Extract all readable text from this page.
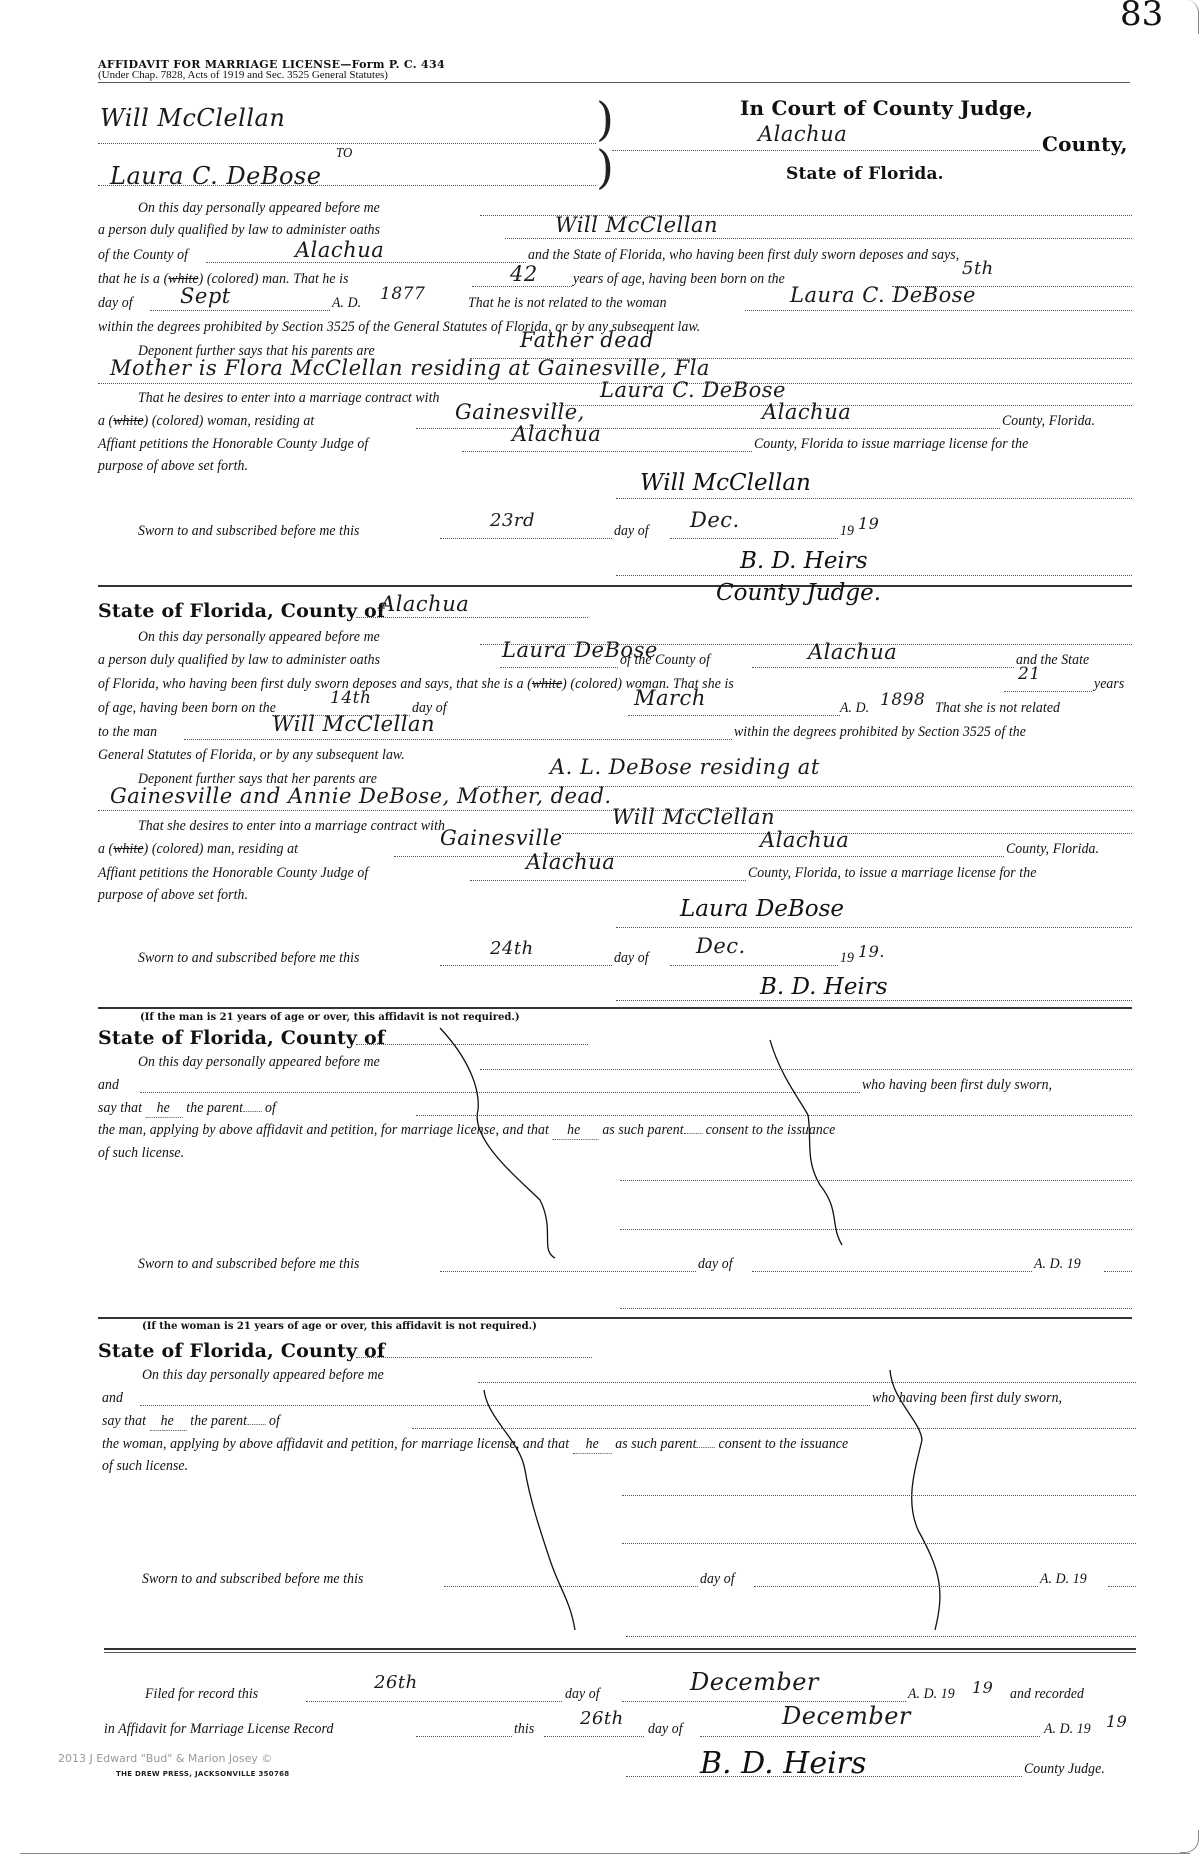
83
AFFIDAVIT FOR MARRIAGE LICENSE—Form P. C. 434
(Under Chap. 7828, Acts of 1919 and Sec. 3525 General Statutes)
Will McClellan
TO
Laura C. DeBose
)
)
In Court of County Judge,
Alachua	County,
State of Florida.
On this day personally appeared before me
a person duly qualified by law to administer oaths	Will McClellan
of the County of	Alachua	and the State of Florida, who having been first duly sworn deposes and says,
that he is a (white) (colored) man. That he is	42 years of age, having been born on the	5th
day of Sept	A. D. 1877	That he is not related to the woman	Laura C. DeBose
within the degrees prohibited by Section 3525 of the General Statutes of Florida, or by any subsequent law.
Deponent further says that his parents are	Father dead
Mother is Flora McClellan residing at Gainesville, Fla
That he desires to enter into a marriage contract with	Laura C. DeBose
a (white) (colored) woman, residing at	Gainesville,	Alachua	County, Florida.
Affiant petitions the Honorable County Judge of	Alachua	County, Florida to issue marriage license for the
purpose of above set forth.
Will McClellan
Sworn to and subscribed before me this	23rd	day of Dec.	19 19
B. D. Heirs
County Judge.
State of Florida, County of
Alachua
On this day personally appeared before me
a person duly qualified by law to administer oaths	Laura DeBose
of the County of	Alachua	and the State
of Florida, who having been first duly sworn deposes and says, that she is a (white) (colored) woman. That she is	21	years
of age, having been born on the	14th	day of	March	A. D. 1898 That she is not related
to the man	Will McClellan	within the degrees prohibited by Section 3525 of the
General Statutes of Florida, or by any subsequent law.
Deponent further says that her parents are	A. L. DeBose residing at
Gainesville and Annie DeBose, Mother, dead.
That she desires to enter into a marriage contract with	Will McClellan
a (white) (colored) man, residing at	Gainesville	Alachua	County, Florida.
Affiant petitions the Honorable County Judge of	Alachua	County, Florida, to issue a marriage license for the
purpose of above set forth.
Laura DeBose
Sworn to and subscribed before me this	24th	day of Dec.	19 19.
B. D. Heirs
(If the man is 21 years of age or over, this affidavit is not required.)
State of Florida, County of
On this day personally appeared before me
and	who having been first duly sworn,
say that he the parent of
the man, applying by above affidavit and petition, for marriage license, and that he as such parent consent to the issuance
of such license.
Sworn to and subscribed before me this	day of	A. D. 19
(If the woman is 21 years of age or over, this affidavit is not required.)
State of Florida, County of
On this day personally appeared before me
and	who having been first duly sworn,
say that he the parent of
the woman, applying by above affidavit and petition, for marriage license, and that he as such parent consent to the issuance
of such license.
Sworn to and subscribed before me this	day of	A. D. 19
Filed for record this
26th
day of	December	A. D. 19 19 and recorded
in Affidavit for Marriage License Record	this	26th day of	December	A. D. 19 19
B. D. Heirs	County Judge.
2013 J Edward "Bud" & Marion Josey ©
THE DREW PRESS, JACKSONVILLE 350768
